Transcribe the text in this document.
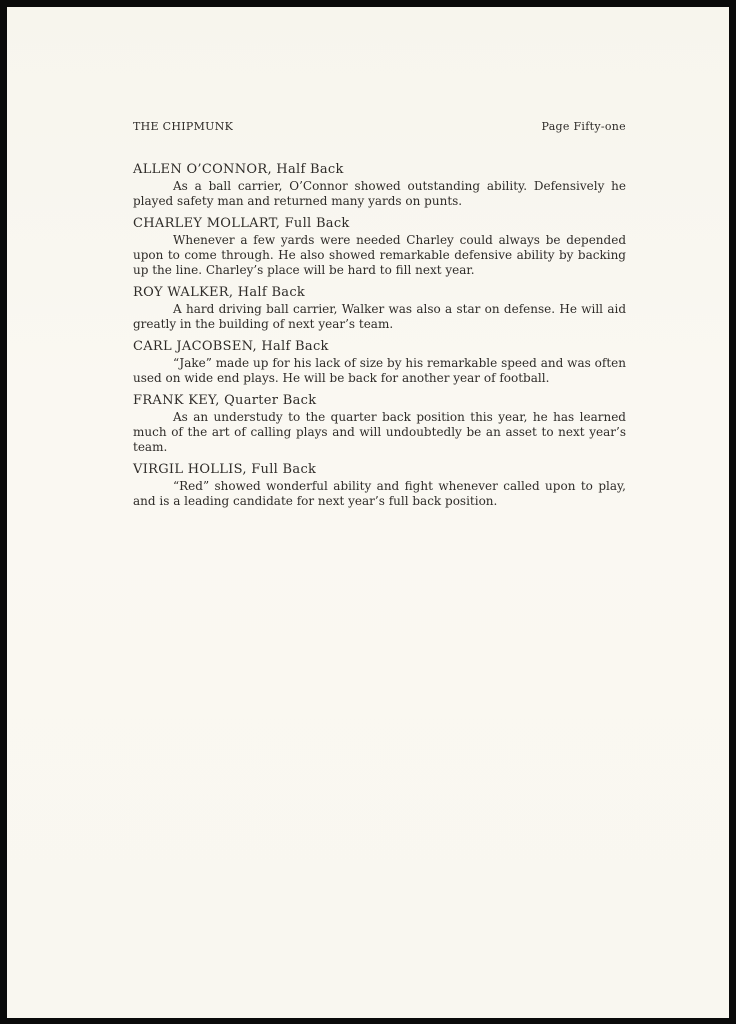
THE CHIPMUNK	Page Fifty-one
ALLEN O’CONNOR, Half Back

As a ball carrier, O’Connor showed outstanding ability. Defensively he played safety man and returned many yards on punts.

CHARLEY MOLLART, Full Back

Whenever a few yards were needed Charley could always be depended upon to come through. He also showed remarkable defensive ability by backing up the line. Charley’s place will be hard to fill next year.

ROY WALKER, Half Back

A hard driving ball carrier, Walker was also a star on defense. He will aid greatly in the building of next year’s team.

CARL JACOBSEN, Half Back

“Jake” made up for his lack of size by his remarkable speed and was often used on wide end plays. He will be back for another year of football.

FRANK KEY, Quarter Back

As an understudy to the quarter back position this year, he has learned much of the art of calling plays and will undoubtedly be an asset to next year’s team.

VIRGIL HOLLIS, Full Back

“Red” showed wonderful ability and fight whenever called upon to play, and is a leading candidate for next year’s full back position.
